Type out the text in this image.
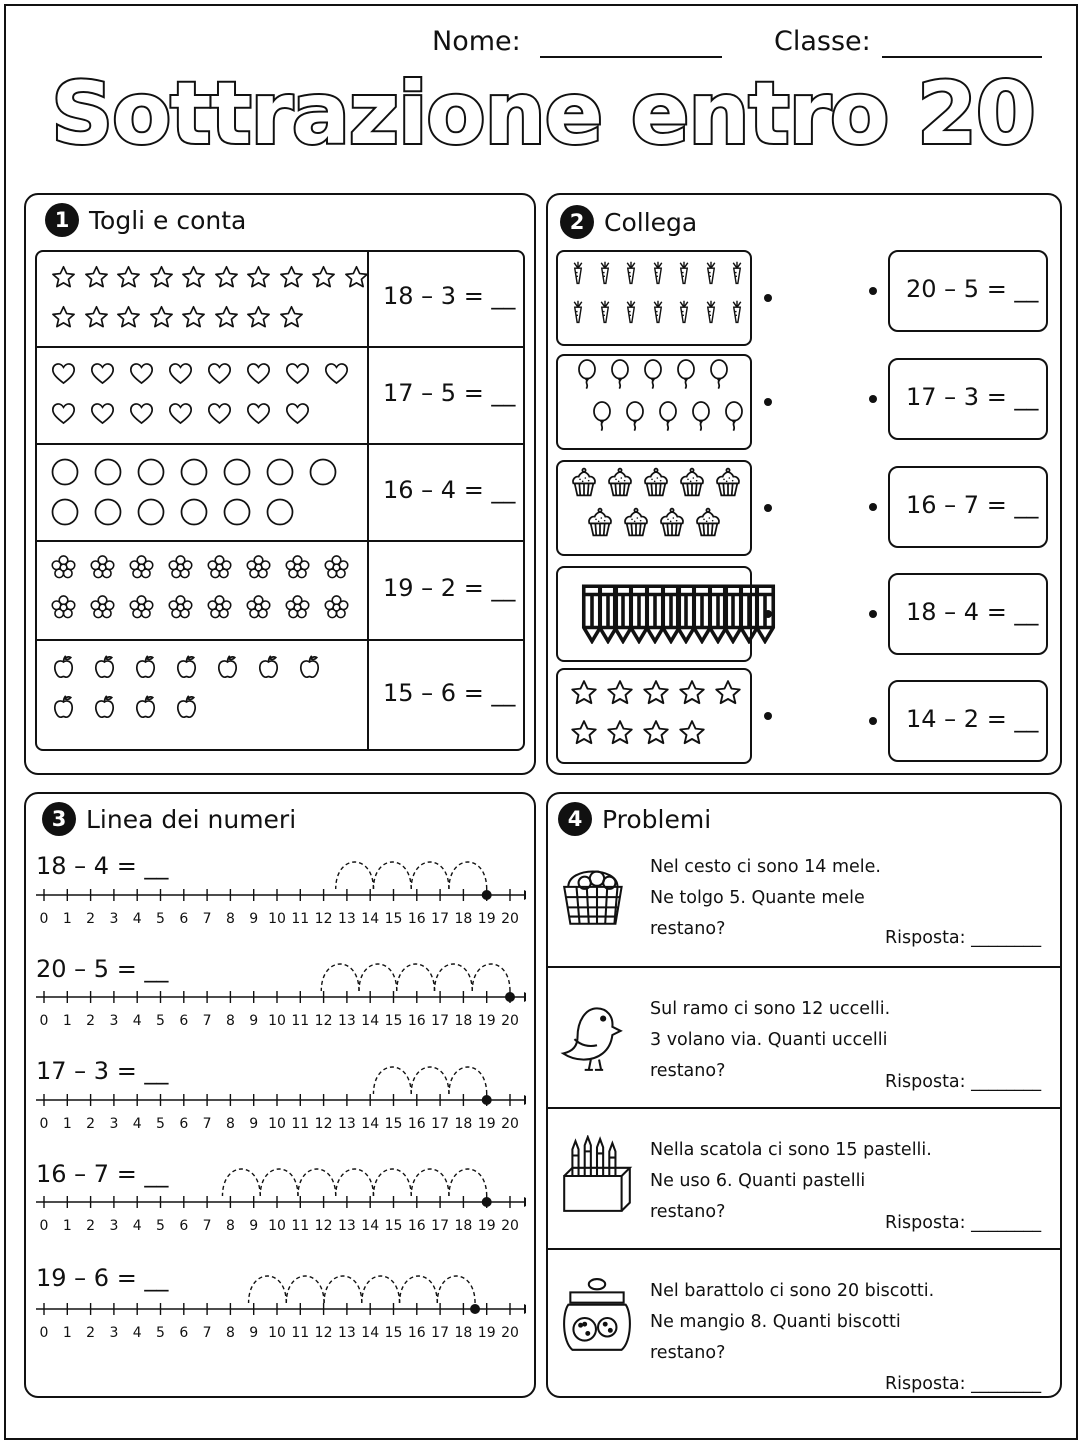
Nome:	Classe:
Sottrazione entro 20
1 Togli e conta
18 – 3 = __
17 – 5 = __
16 – 4 = __
19 – 2 = __
15 – 6 = __
2 Collega
20 – 5 = __
17 – 3 = __
16 – 7 = __
18 – 4 = __
14 – 2 = __
3 Linea dei numeri
18 – 4 = __
0 1 2 3 4 5 6 7 8 9 10 11 12 13 14 15 16 17 18 19 20
20 – 5 = __
0 1 2 3 4 5 6 7 8 9 10 11 12 13 14 15 16 17 18 19 20
17 – 3 = __
0 1 2 3 4 5 6 7 8 9 10 11 12 13 14 15 16 17 18 19 20
16 – 7 = __
0 1 2 3 4 5 6 7 8 9 10 11 12 13 14 15 16 17 18 19 20
19 – 6 = __
0 1 2 3 4 5 6 7 8 9 10 11 12 13 14 15 16 17 18 19 20
4 Problemi
Nel cesto ci sono 14 mele.
Ne tolgo 5. Quante mele
restano?	Risposta: ________
Sul ramo ci sono 12 uccelli.
3 volano via. Quanti uccelli
restano?
Risposta: ________
Nella scatola ci sono 15 pastelli.
Ne uso 6. Quanti pastelli
restano?
Risposta: ________
Nel barattolo ci sono 20 biscotti.
Ne mangio 8. Quanti biscotti
restano?
Risposta: ________
